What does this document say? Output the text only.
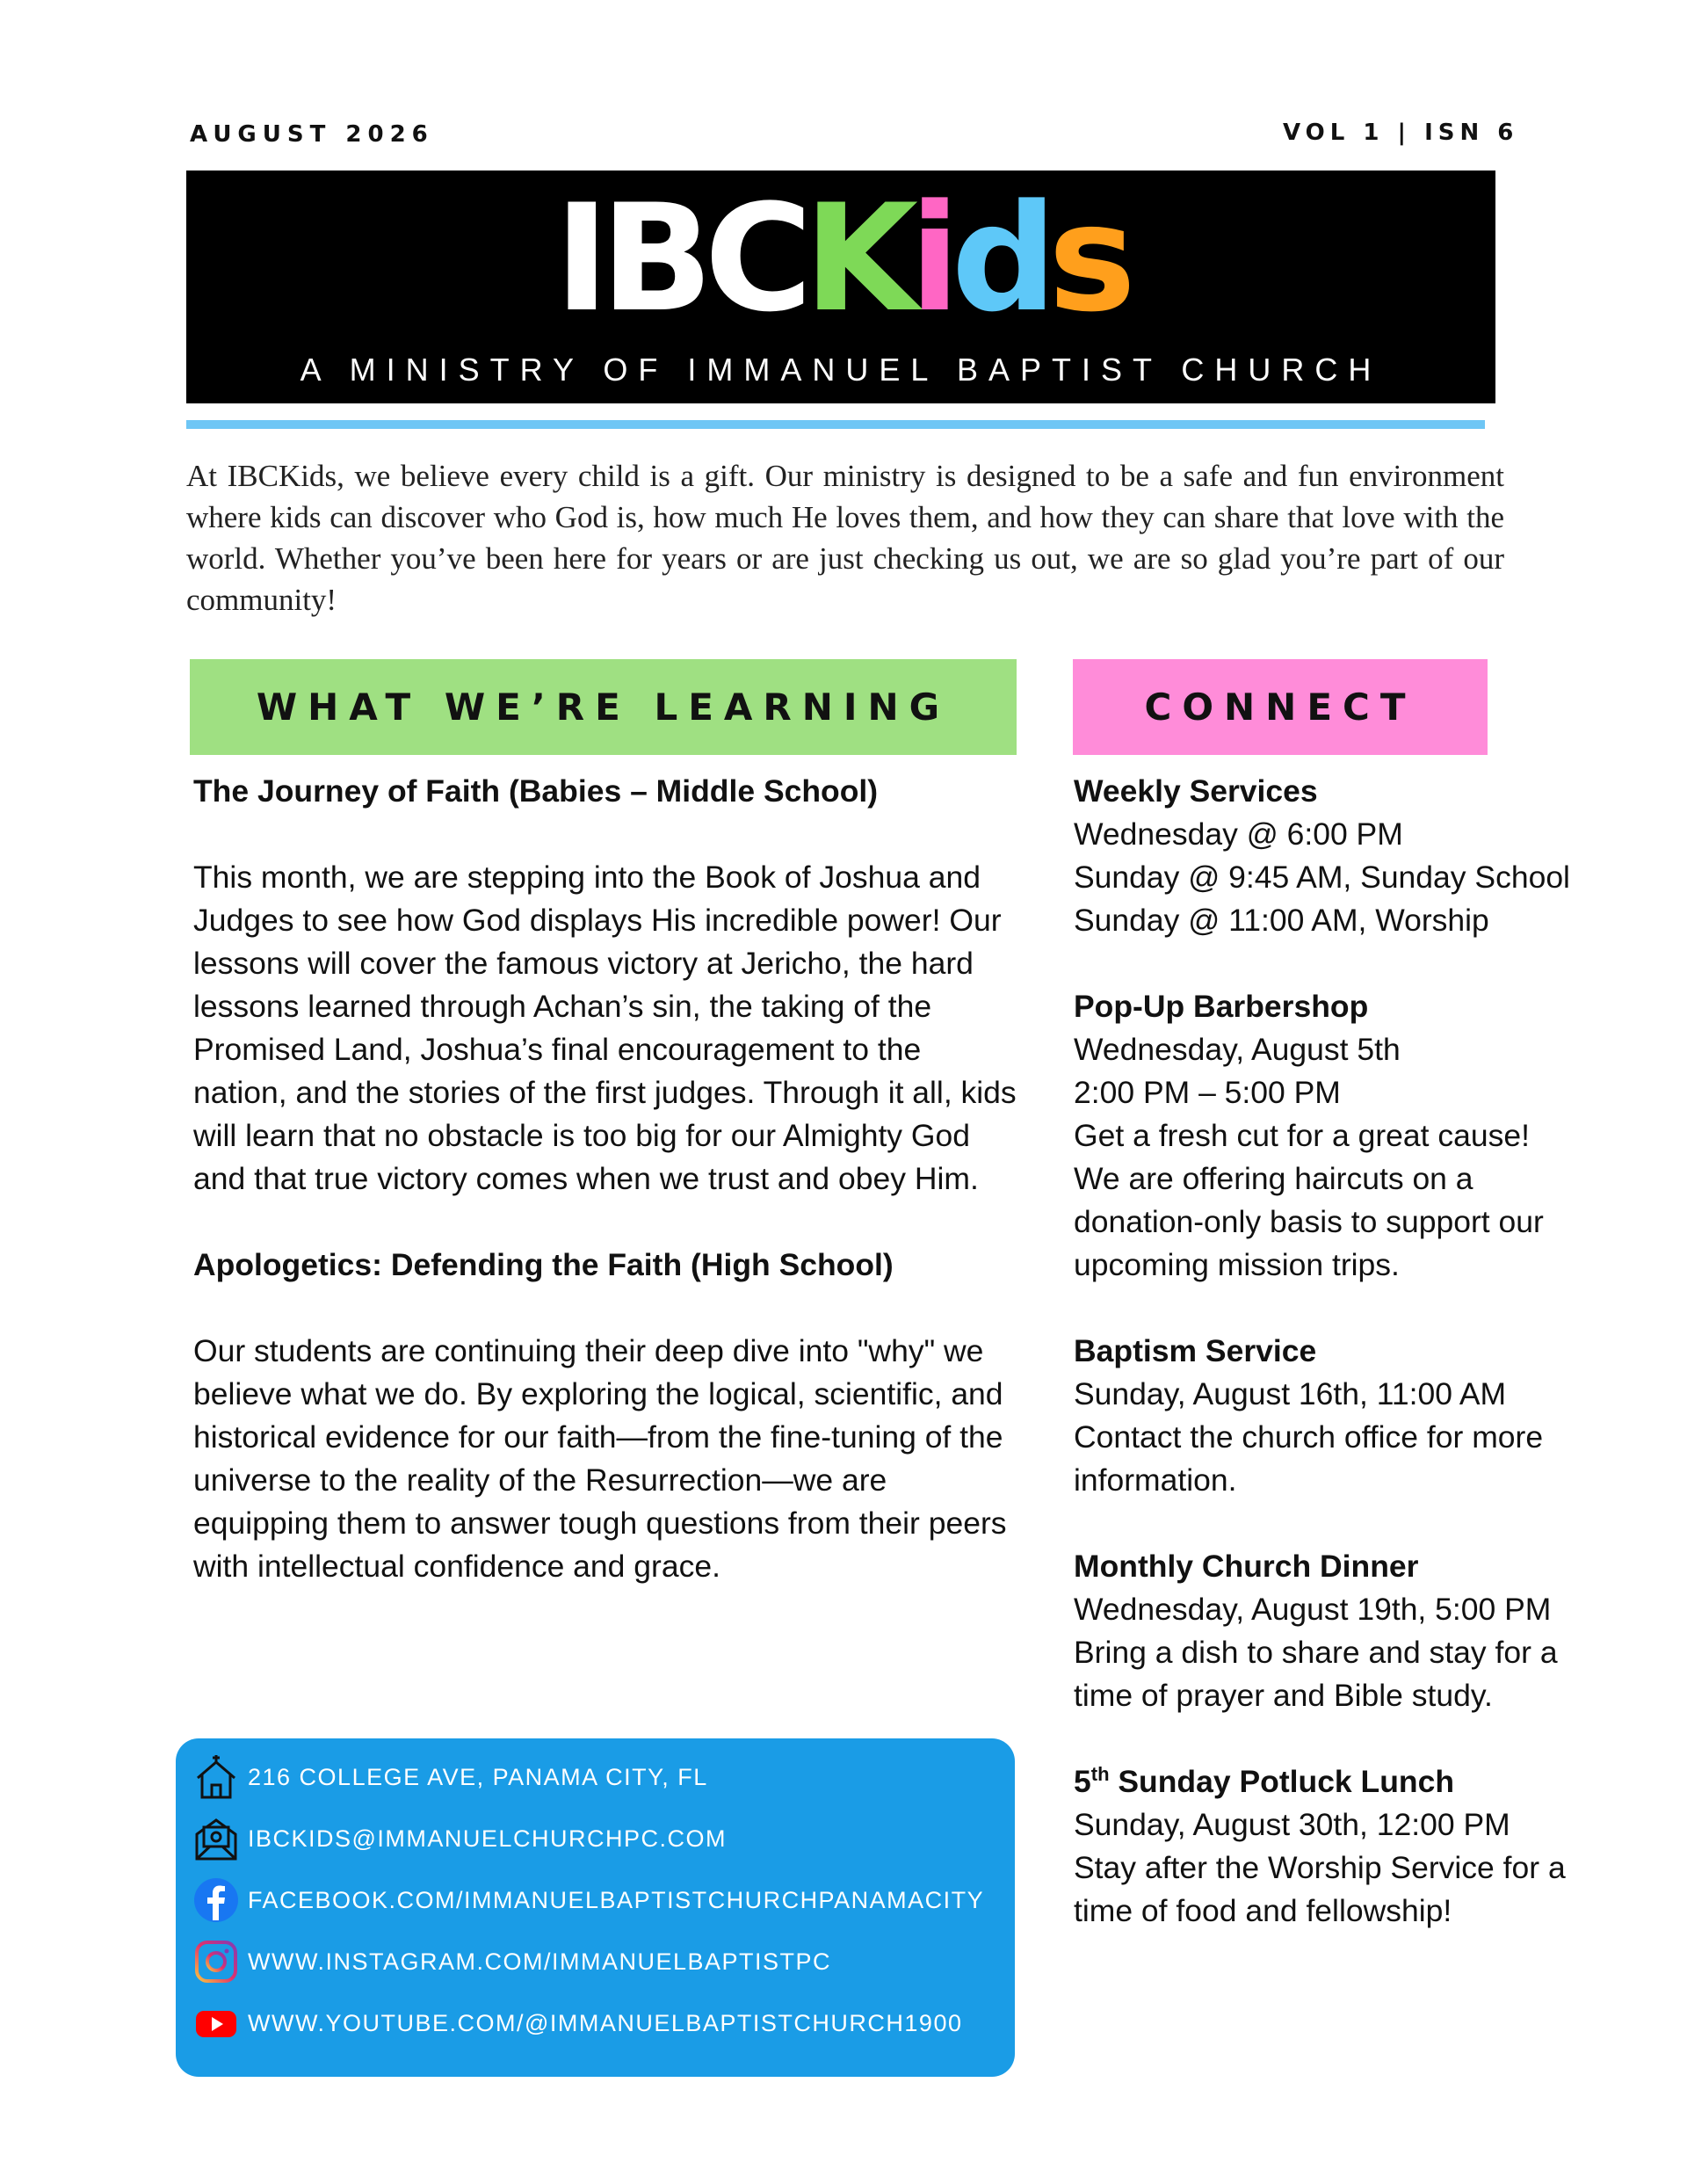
AUGUST 2026	VOL 1 | ISN 6
IBCKids
A MINISTRY OF IMMANUEL BAPTIST CHURCH
At IBCKids, we believe every child is a gift. Our ministry is designed to be a safe and fun environment where kids can discover who God is, how much He loves them, and how they can share that love with the world. Whether you’ve been here for years or are just checking us out, we are so glad you’re part of our community!
WHAT WE’RE LEARNING	CONNECT

The Journey of Faith (Babies – Middle School)

This month, we are stepping into the Book of Joshua and Judges to see how God displays His incredible power! Our lessons will cover the famous victory at Jericho, the hard lessons learned through Achan’s sin, the taking of the Promised Land, Joshua’s final encouragement to the nation, and the stories of the first judges. Through it all, kids will learn that no obstacle is too big for our Almighty God and that true victory comes when we trust and obey Him.

Apologetics: Defending the Faith (High School)

Our students are continuing their deep dive into "why" we believe what we do. By exploring the logical, scientific, and historical evidence for our faith—from the fine-tuning of the universe to the reality of the Resurrection—we are equipping them to answer tough questions from their peers with intellectual confidence and grace.

Weekly Services

Wednesday @ 6:00 PM

Sunday @ 9:45 AM, Sunday School

Sunday @ 11:00 AM, Worship

Pop-Up Barbershop

Wednesday, August 5th

2:00 PM – 5:00 PM

Get a fresh cut for a great cause! We are offering haircuts on a donation-only basis to support our upcoming mission trips.

Baptism Service

Sunday, August 16th, 11:00 AM

Contact the church office for more information.

Monthly Church Dinner

Wednesday, August 19th, 5:00 PM

Bring a dish to share and stay for a time of prayer and Bible study.

5th Sunday Potluck Lunch

Sunday, August 30th, 12:00 PM

Stay after the Worship Service for a time of food and fellowship!

216 COLLEGE AVE, PANAMA CITY, FL
IBCKIDS@IMMANUELCHURCHPC.COM
FACEBOOK.COM/IMMANUELBAPTISTCHURCHPANAMACITY
WWW.INSTAGRAM.COM/IMMANUELBAPTISTPC
WWW.YOUTUBE.COM/@IMMANUELBAPTISTCHURCH1900
